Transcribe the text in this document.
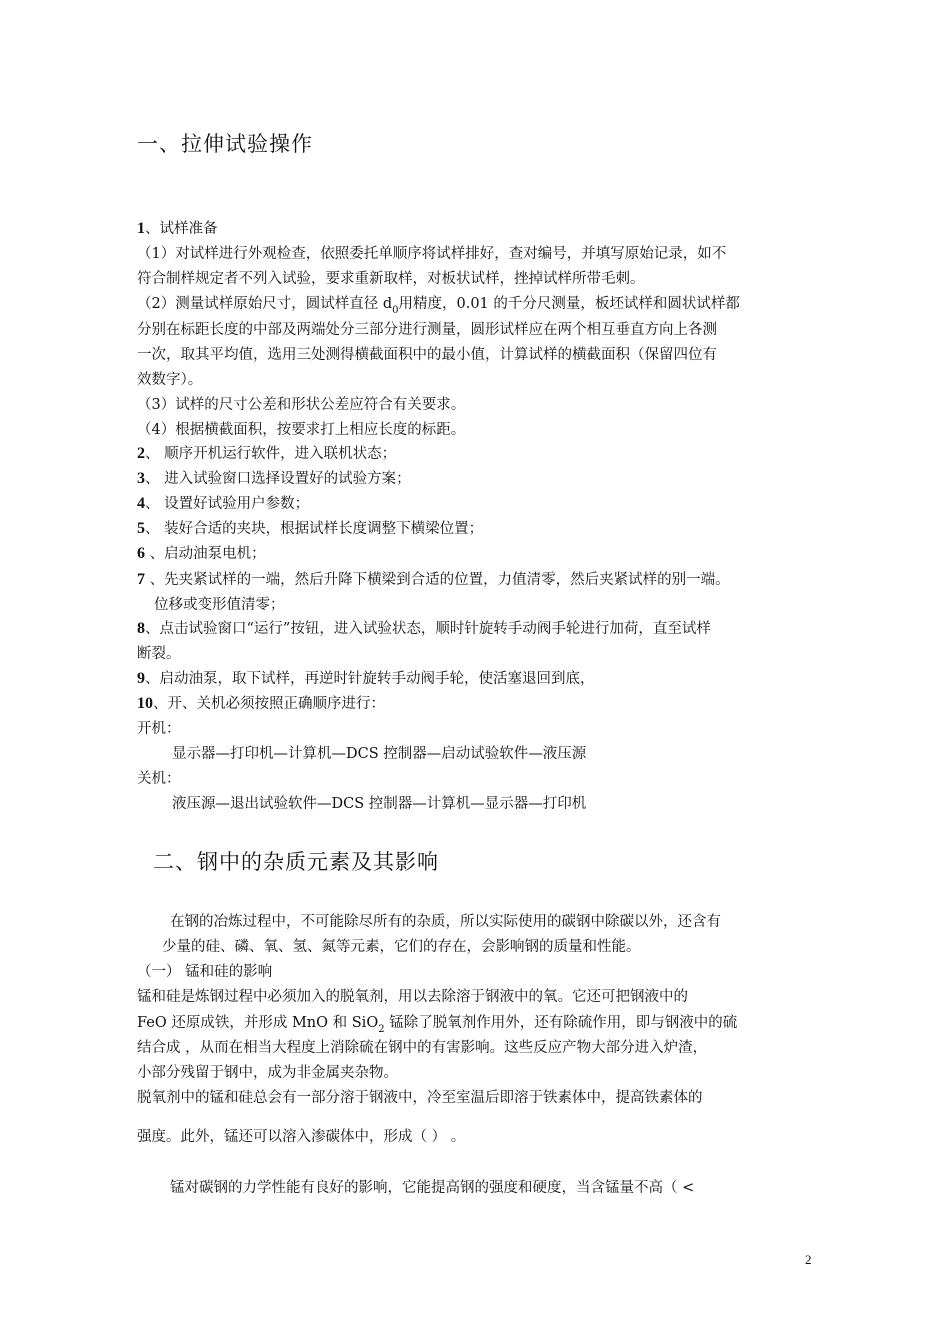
一、拉伸试验操作
1、试样准备
（1）对试样进行外观检查，依照委托单顺序将试样排好，查对编号，并填写原始记录，如不
符合制样规定者不列入试验，要求重新取样，对板状试样，挫掉试样所带毛刺。
（2）测量试样原始尺寸，圆试样直径 $d_0$用精度，0.01 的千分尺测量，板坯试样和圆状试样都
分别在标距长度的中部及两端处分三部分进行测量，圆形试样应在两个相互垂直方向上各测
一次，取其平均值，选用三处测得横截面积中的最小值，计算试样的横截面积（保留四位有
效数字）。
（3）试样的尺寸公差和形状公差应符合有关要求。
（4）根据横截面积，按要求打上相应长度的标距。
2、 顺序开机运行软件，进入联机状态；
3、 进入试验窗口选择设置好的试验方案；
4、 设置好试验用户参数；
5、 装好合适的夹块，根据试样长度调整下横梁位置；
6 、启动油泵电机；
7 、先夹紧试样的一端，然后升降下横梁到合适的位置，力值清零，然后夹紧试样的别一端。
位移或变形值清零；
8、点击试验窗口“运行”按钮，进入试验状态，顺时针旋转手动阀手轮进行加荷，直至试样
断裂。
9、启动油泵，取下试样，再逆时针旋转手动阀手轮，使活塞退回到底，
10、开、关机必须按照正确顺序进行：
开机：
显示器—打印机—计算机—DCS 控制器—启动试验软件—液压源
关机：
液压源—退出试验软件—DCS 控制器—计算机—显示器—打印机
二、钢中的杂质元素及其影响
在钢的冶炼过程中，不可能除尽所有的杂质，所以实际使用的碳钢中除碳以外，还含有
少量的硅、磷、氧、氢、氮等元素，它们的存在，会影响钢的质量和性能。
（一） 锰和硅的影响
锰和硅是炼钢过程中必须加入的脱氧剂，用以去除溶于钢液中的氧。它还可把钢液中的
FeO 还原成铁，并形成 MnO 和 SiO$_2$ 锰除了脱氧剂作用外，还有除硫作用，即与钢液中的硫
结合成 ，从而在相当大程度上消除硫在钢中的有害影响。这些反应产物大部分进入炉渣，
小部分残留于钢中，成为非金属夹杂物。
脱氧剂中的锰和硅总会有一部分溶于钢液中，冷至室温后即溶于铁素体中，提高铁素体的
强度。此外，锰还可以溶入渗碳体中，形成（ ） 。
锰对碳钢的力学性能有良好的影响，它能提高钢的强度和硬度，当含锰量不高（ <
2
